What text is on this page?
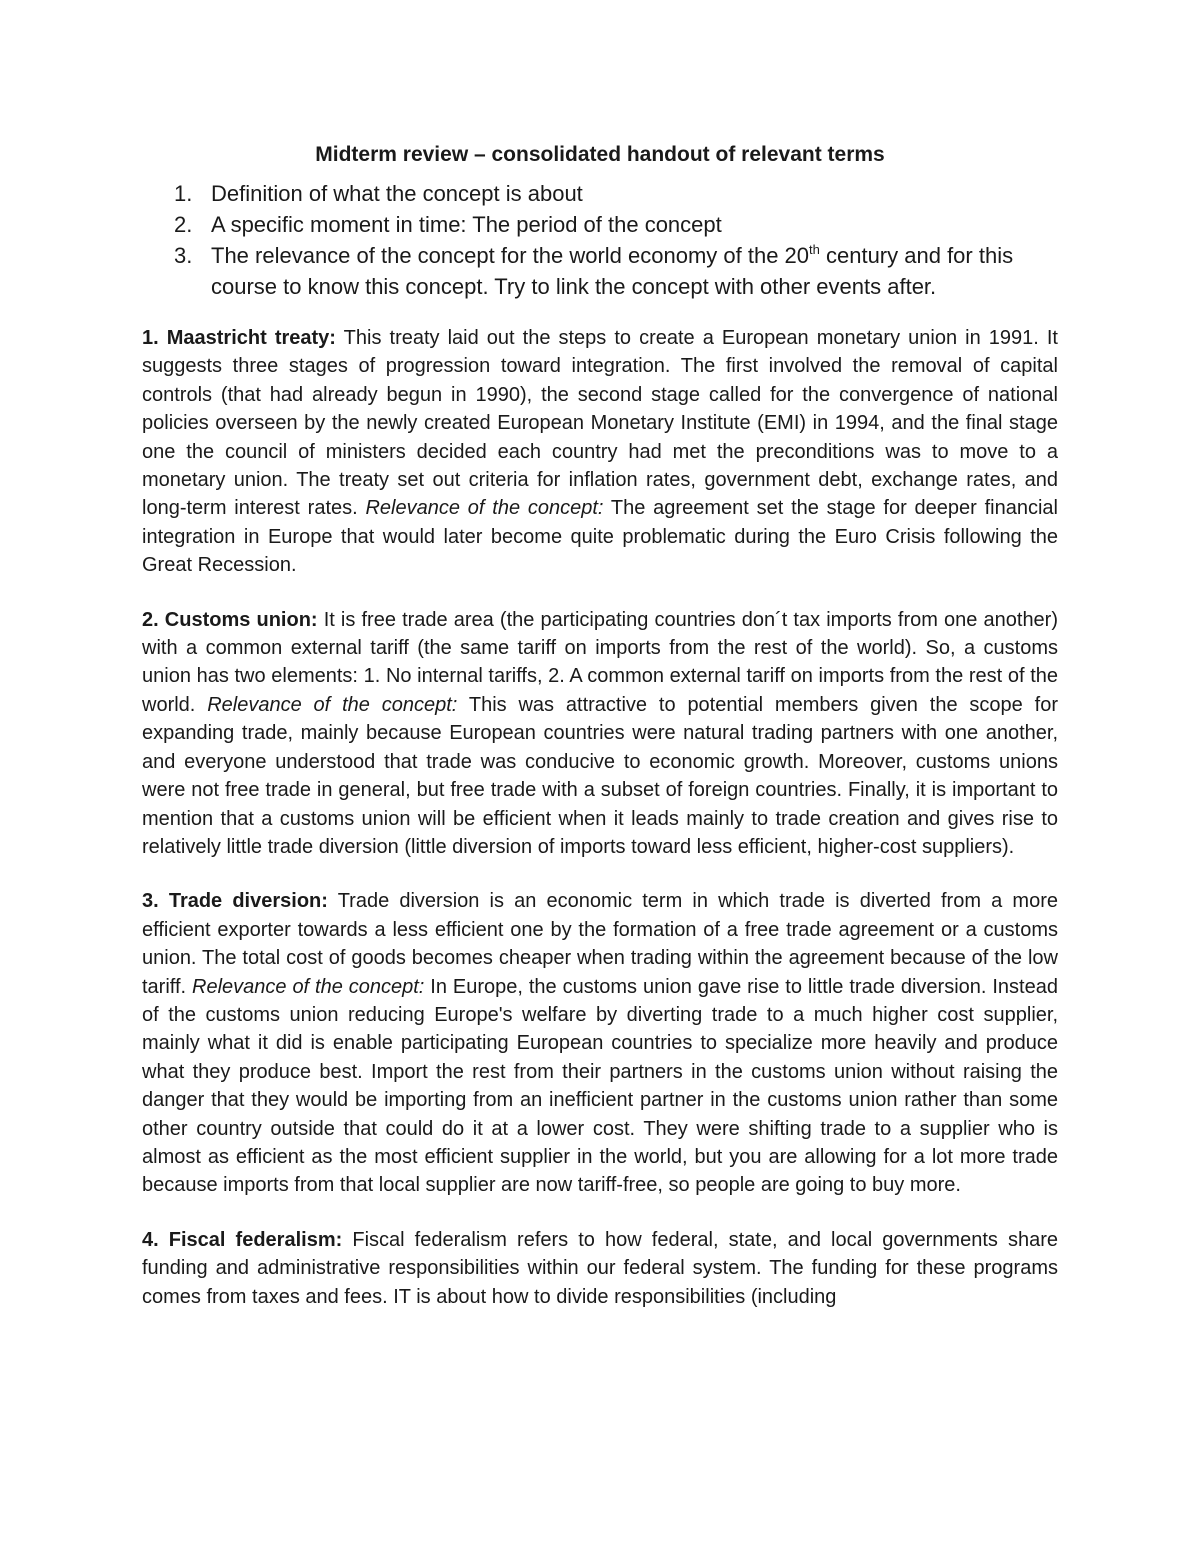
Midterm review – consolidated handout of relevant terms
1. Definition of what the concept is about
2. A specific moment in time: The period of the concept
3. The relevance of the concept for the world economy of the 20th century and for this course to know this concept. Try to link the concept with other events after.

1. Maastricht treaty: This treaty laid out the steps to create a European monetary union in 1991. It suggests three stages of progression toward integration. The first involved the removal of capital controls (that had already begun in 1990), the second stage called for the convergence of national policies overseen by the newly created European Monetary Institute (EMI) in 1994, and the final stage one the council of ministers decided each country had met the preconditions was to move to a monetary union. The treaty set out criteria for inflation rates, government debt, exchange rates, and long-term interest rates. Relevance of the concept: The agreement set the stage for deeper financial integration in Europe that would later become quite problematic during the Euro Crisis following the Great Recession.

2. Customs union: It is free trade area (the participating countries don´t tax imports from one another) with a common external tariff (the same tariff on imports from the rest of the world). So, a customs union has two elements: 1. No internal tariffs, 2. A common external tariff on imports from the rest of the world. Relevance of the concept: This was attractive to potential members given the scope for expanding trade, mainly because European countries were natural trading partners with one another, and everyone understood that trade was conducive to economic growth. Moreover, customs unions were not free trade in general, but free trade with a subset of foreign countries. Finally, it is important to mention that a customs union will be efficient when it leads mainly to trade creation and gives rise to relatively little trade diversion (little diversion of imports toward less efficient, higher-cost suppliers).

3. Trade diversion: Trade diversion is an economic term in which trade is diverted from a more efficient exporter towards a less efficient one by the formation of a free trade agreement or a customs union. The total cost of goods becomes cheaper when trading within the agreement because of the low tariff. Relevance of the concept: In Europe, the customs union gave rise to little trade diversion. Instead of the customs union reducing Europe's welfare by diverting trade to a much higher cost supplier, mainly what it did is enable participating European countries to specialize more heavily and produce what they produce best. Import the rest from their partners in the customs union without raising the danger that they would be importing from an inefficient partner in the customs union rather than some other country outside that could do it at a lower cost. They were shifting trade to a supplier who is almost as efficient as the most efficient supplier in the world, but you are allowing for a lot more trade because imports from that local supplier are now tariff-free, so people are going to buy more.

4. Fiscal federalism: Fiscal federalism refers to how federal, state, and local governments share funding and administrative responsibilities within our federal system. The funding for these programs comes from taxes and fees. IT is about how to divide responsibilities (including
